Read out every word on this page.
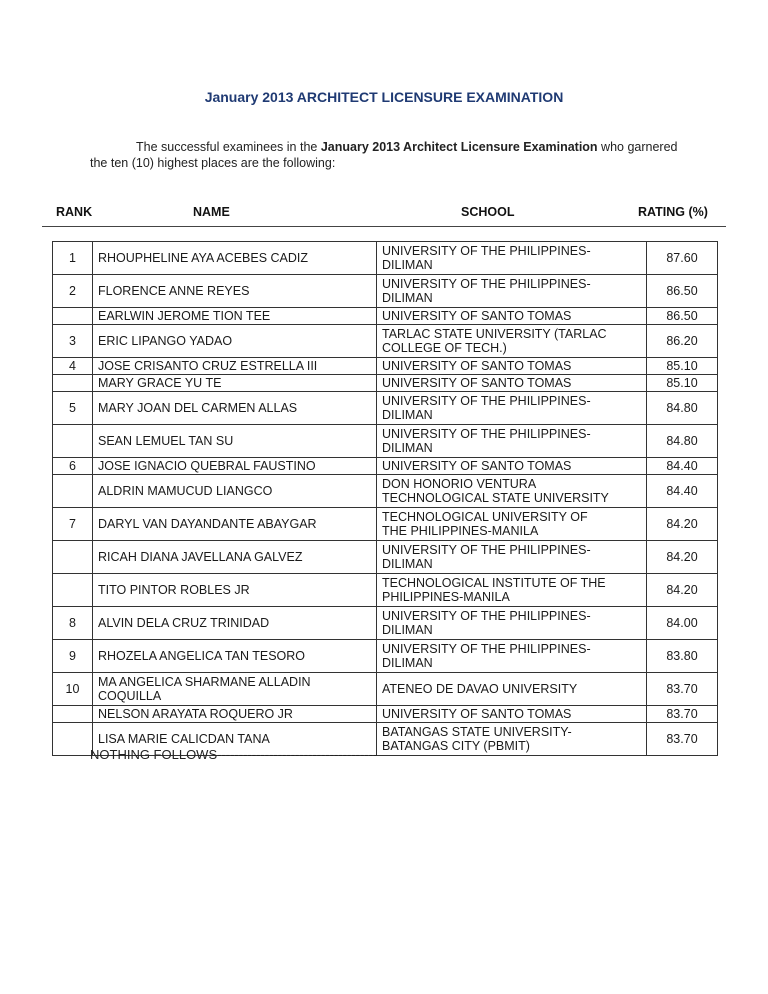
January 2013 ARCHITECT LICENSURE EXAMINATION
The successful examinees in the January 2013 Architect Licensure Examination who garnered the ten (10) highest places are the following:
RANK	NAME	SCHOOL	RATING (%)
1	RHOUPHELINE AYA ACEBES CADIZ	UNIVERSITY OF THE PHILIPPINES-
DILIMAN	87.60
2	FLORENCE ANNE REYES	UNIVERSITY OF THE PHILIPPINES-
DILIMAN	86.50
	EARLWIN JEROME TION TEE	UNIVERSITY OF SANTO TOMAS	86.50
3	ERIC LIPANGO YADAO	TARLAC STATE UNIVERSITY (TARLAC
COLLEGE OF TECH.)	86.20
4	JOSE CRISANTO CRUZ ESTRELLA III	UNIVERSITY OF SANTO TOMAS	85.10
	MARY GRACE YU TE	UNIVERSITY OF SANTO TOMAS	85.10
5	MARY JOAN DEL CARMEN ALLAS	UNIVERSITY OF THE PHILIPPINES-
DILIMAN	84.80
	SEAN LEMUEL TAN SU	UNIVERSITY OF THE PHILIPPINES-
DILIMAN	84.80
6	JOSE IGNACIO QUEBRAL FAUSTINO	UNIVERSITY OF SANTO TOMAS	84.40
	ALDRIN MAMUCUD LIANGCO	DON HONORIO VENTURA
TECHNOLOGICAL STATE UNIVERSITY	84.40
7	DARYL VAN DAYANDANTE ABAYGAR	TECHNOLOGICAL UNIVERSITY OF
THE PHILIPPINES-MANILA	84.20
	RICAH DIANA JAVELLANA GALVEZ	UNIVERSITY OF THE PHILIPPINES-
DILIMAN	84.20
	TITO PINTOR ROBLES JR	TECHNOLOGICAL INSTITUTE OF THE
PHILIPPINES-MANILA	84.20
8	ALVIN DELA CRUZ TRINIDAD	UNIVERSITY OF THE PHILIPPINES-
DILIMAN	84.00
9	RHOZELA ANGELICA TAN TESORO	UNIVERSITY OF THE PHILIPPINES-
DILIMAN	83.80
10	MA ANGELICA SHARMANE ALLADIN COQUILLA	ATENEO DE DAVAO UNIVERSITY	83.70
	NELSON ARAYATA ROQUERO JR	UNIVERSITY OF SANTO TOMAS	83.70
	LISA MARIE CALICDAN TANA	BATANGAS STATE UNIVERSITY-
BATANGAS CITY (PBMIT)	83.70
NOTHING FOLLOWS-------------------------------------
